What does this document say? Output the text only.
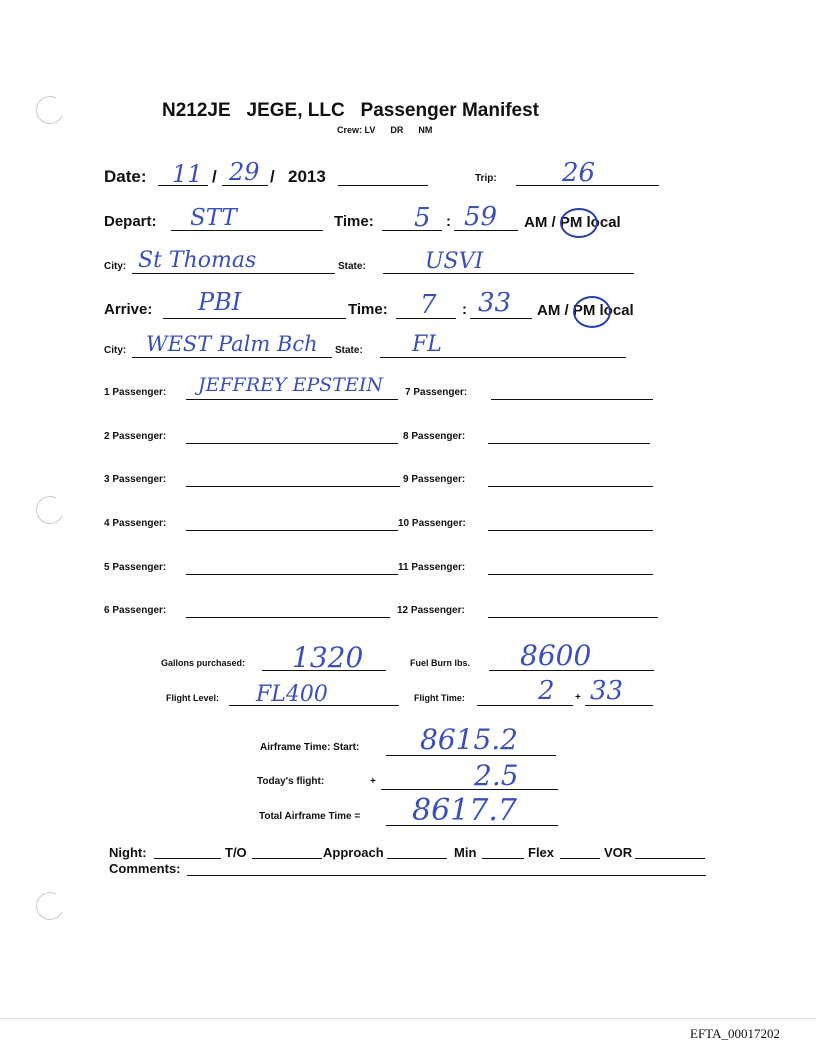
N212JE JEGE, LLC Passenger Manifest
Crew: LV DR NM
Date: 11 / 29 / 2013	Trip:	26
Depart: STT	Time: 5 : 59 AM / PM local
City: St Thomas	State:	USVI
Arrive: PBI	Time: 7 : 33 AM / PM local
City: WEST Palm Bch State: FL
1 Passenger: JEFFREY EPSTEIN
2 Passenger:
3 Passenger:
4 Passenger:
5 Passenger:
6 Passenger:
7 Passenger:
8 Passenger:
9 Passenger:
10 Passenger:
11 Passenger:
12 Passenger:
Gallons purchased: 1320	Fuel Burn lbs. 8600
Flight Level: FL400	Flight Time:	2 + 33
Airframe Time: Start: 8615.2
Today's flight:	+	2.5
Total Airframe Time = 8617.7
Night:	T/O	Approach	Min	Flex	VOR
Comments:
EFTA_00017202
